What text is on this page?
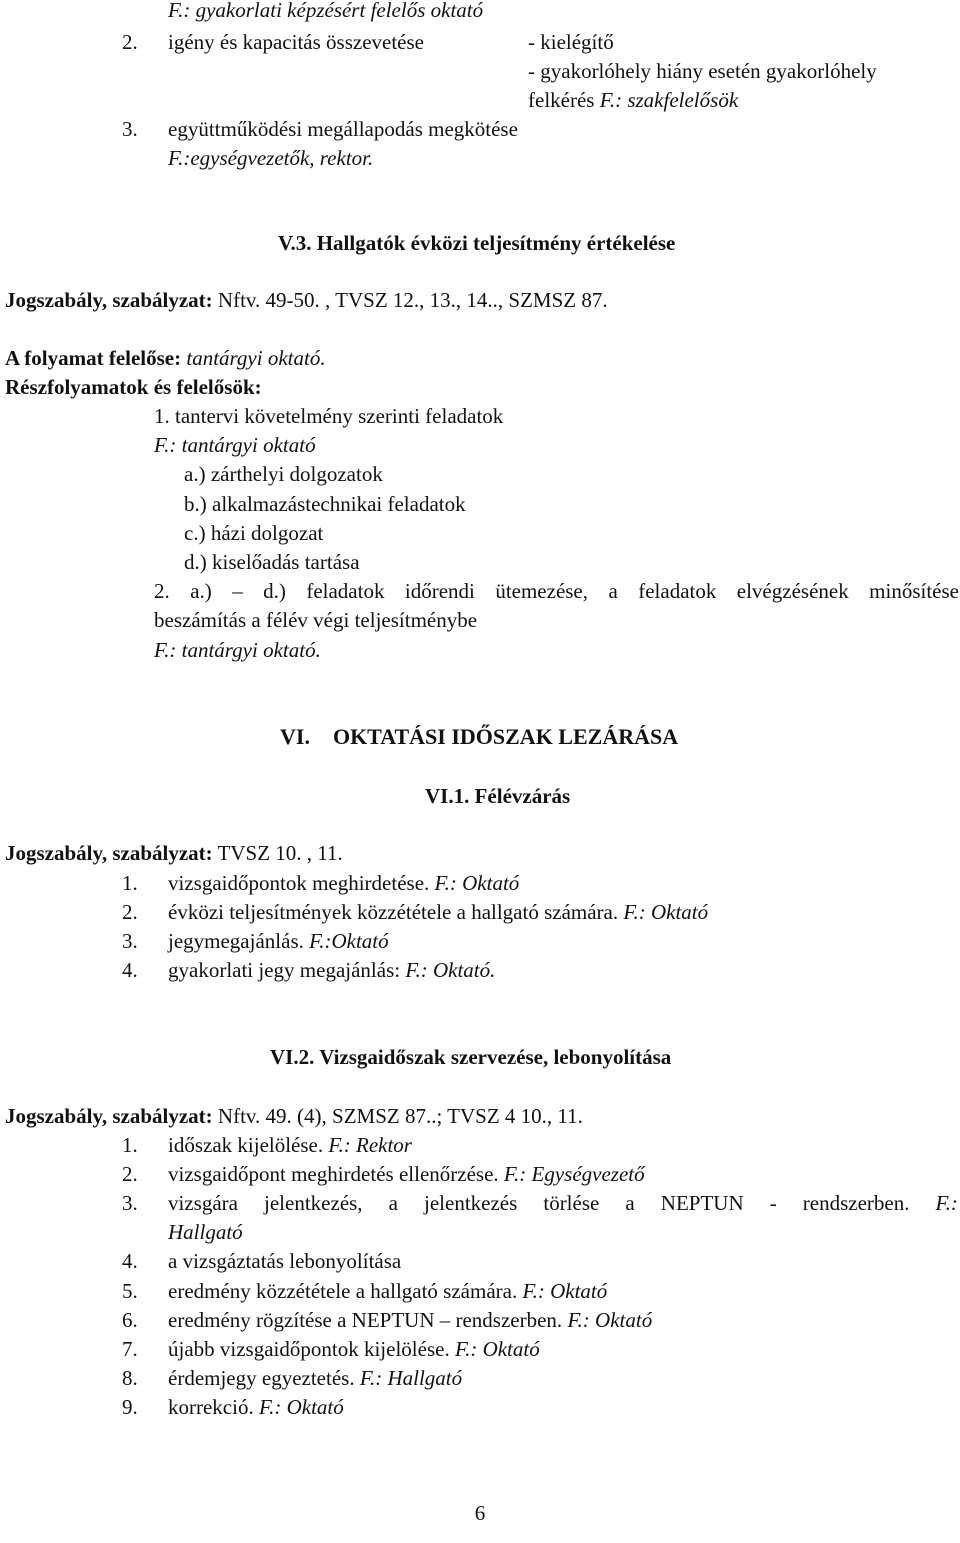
F.: gyakorlati képzésért felelős oktató
2. igény és kapacitás összevetése	- kielégítő
- gyakorlóhely hiány esetén gyakorlóhely
felkérés F.: szakfelelősök
3. együttműködési megállapodás megkötése
F.:egységvezetők, rektor.
V.3. Hallgatók évközi teljesítmény értékelése
Jogszabály, szabályzat: Nftv. 49-50. , TVSZ 12., 13., 14.., SZMSZ 87.
A folyamat felelőse: tantárgyi oktató.
Részfolyamatok és felelősök:
1. tantervi követelmény szerinti feladatok
F.: tantárgyi oktató
a.) zárthelyi dolgozatok
b.) alkalmazástechnikai feladatok
c.) házi dolgozat
d.) kiselőadás tartása
2. a.) – d.) feladatok időrendi ütemezése, a feladatok elvégzésének minősítése
beszámítás a félév végi teljesítménybe
F.: tantárgyi oktató.
VI. OKTATÁSI IDŐSZAK LEZÁRÁSA
VI.1. Félévzárás
Jogszabály, szabályzat: TVSZ 10. , 11.
1. vizsgaidőpontok meghirdetése. F.: Oktató
2. évközi teljesítmények közzététele a hallgató számára. F.: Oktató
3. jegymegajánlás. F.:Oktató
4. gyakorlati jegy megajánlás: F.: Oktató.
VI.2. Vizsgaidőszak szervezése, lebonyolítása
Jogszabály, szabályzat: Nftv. 49. (4), SZMSZ 87..; TVSZ 4 10., 11.
1. időszak kijelölése. F.: Rektor
2. vizsgaidőpont meghirdetés ellenőrzése. F.: Egységvezető
3. vizsgára jelentkezés, a jelentkezés törlése a NEPTUN - rendszerben. F.:
Hallgató
4. a vizsgáztatás lebonyolítása
5. eredmény közzététele a hallgató számára. F.: Oktató
6. eredmény rögzítése a NEPTUN – rendszerben. F.: Oktató
7. újabb vizsgaidőpontok kijelölése. F.: Oktató
8. érdemjegy egyeztetés. F.: Hallgató
9. korrekció. F.: Oktató
6
